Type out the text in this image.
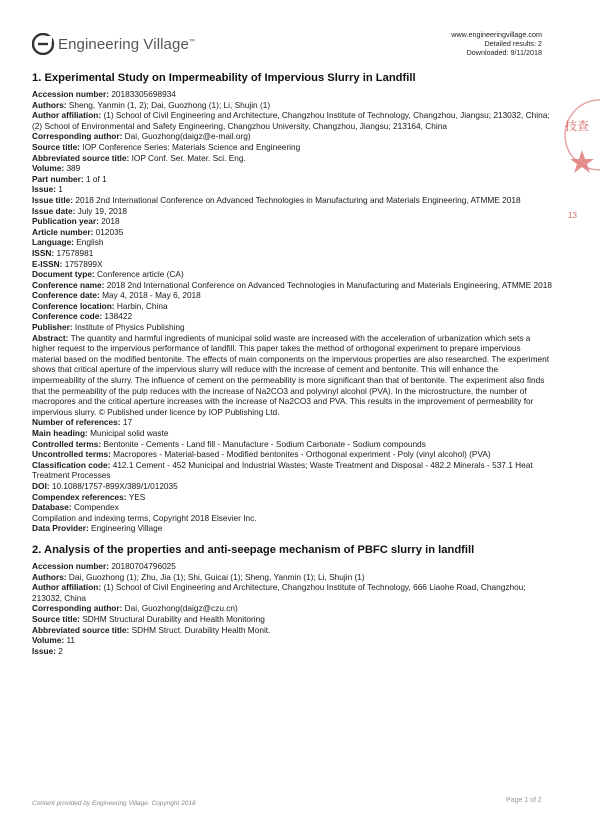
Engineering Village™
www.engineeringvillage.com
Detailed results: 2
Downloaded: 9/11/2018
1. Experimental Study on Impermeability of Impervious Slurry in Landfill

Accession number: 20183305698934

Authors: Sheng, Yanmin (1, 2); Dai, Guozhong (1); Li, Shujin (1)

Author affiliation: (1) School of Civil Engineering and Architecture, Changzhou Institute of Technology, Changzhou, Jiangsu; 213032, China; (2) School of Environmental and Safety Engineering, Changzhou University, Changzhou, Jiangsu; 213164, China

Corresponding author: Dai, Guozhong(daigz@e-mail.org)

Source title: IOP Conference Series: Materials Science and Engineering

Abbreviated source title: IOP Conf. Ser. Mater. Sci. Eng.

Volume: 389

Part number: 1 of 1

Issue: 1

Issue title: 2018 2nd International Conference on Advanced Technologies in Manufacturing and Materials Engineering, ATMME 2018

Issue date: July 19, 2018

Publication year: 2018

Article number: 012035

Language: English

ISSN: 17578981

E-ISSN: 1757899X

Document type: Conference article (CA)

Conference name: 2018 2nd International Conference on Advanced Technologies in Manufacturing and Materials Engineering, ATMME 2018

Conference date: May 4, 2018 - May 6, 2018

Conference location: Harbin, China

Conference code: 138422

Publisher: Institute of Physics Publishing

Abstract: The quantity and harmful ingredients of municipal solid waste are increased with the acceleration of urbanization which sets a higher request to the impervious performance of landfill. This paper takes the method of orthogonal experiment to prepare impervious material based on the modified bentonite. The effects of main components on the impervious properties are also researched. The experiment shows that critical aperture of the impervious slurry will reduce with the increase of cement and bentonite. This will enhance the impermeability of the slurry. The influence of cement on the permeability is more significant than that of bentonite. The experiment also finds that the permeability of the pulp reduces with the increase of Na2CO3 and polyvinyl alcohol (PVA). In the microstructure, the number of macropores and the critical aperture increases with the increase of Na2CO3 and PVA. This results in the improvement of permeability for impervious slurry. © Published under licence by IOP Publishing Ltd.

Number of references: 17

Main heading: Municipal solid waste

Controlled terms: Bentonite - Cements - Land fill - Manufacture - Sodium Carbonate - Sodium compounds

Uncontrolled terms: Macropores - Material-based - Modified bentonites - Orthogonal experiment - Poly (vinyl alcohol) (PVA)

Classification code: 412.1 Cement - 452 Municipal and Industrial Wastes; Waste Treatment and Disposal - 482.2 Minerals - 537.1 Heat Treatment Processes

DOI: 10.1088/1757-899X/389/1/012035

Compendex references: YES

Database: Compendex

Compilation and indexing terms, Copyright 2018 Elsevier Inc.

Data Provider: Engineering Village

2. Analysis of the properties and anti-seepage mechanism of PBFC slurry in landfill

Accession number: 20180704796025

Authors: Dai, Guozhong (1); Zhu, Jia (1); Shi, Guicai (1); Sheng, Yanmin (1); Li, Shujin (1)

Author affiliation: (1) School of Civil Engineering and Architecture, Changzhou Institute of Technology, 666 Liaohe Road, Changzhou; 213032, China

Corresponding author: Dai, Guozhong(daigz@czu.cn)

Source title: SDHM Structural Durability and Health Monitoring

Abbreviated source title: SDHM Struct. Durability Health Monit.

Volume: 11

Issue: 2

技查
13
Content provided by Engineering Village. Copyright 2018	Page 1 of 2
